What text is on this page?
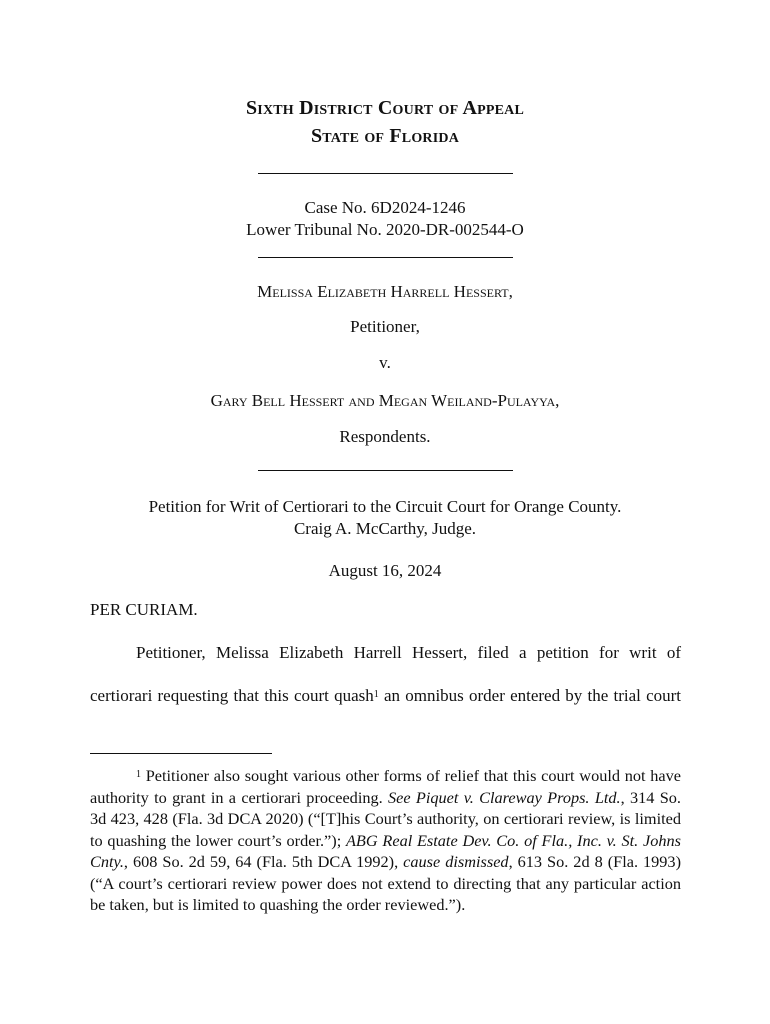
Sixth District Court of Appeal
State of Florida
Case No. 6D2024-1246
Lower Tribunal No. 2020-DR-002544-O
Melissa Elizabeth Harrell Hessert,
Petitioner,
v.
Gary Bell Hessert and Megan Weiland-Pulayya,
Respondents.
Petition for Writ of Certiorari to the Circuit Court for Orange County.
Craig A. McCarthy, Judge.
August 16, 2024
PER CURIAM.
Petitioner, Melissa Elizabeth Harrell Hessert, filed a petition for writ of
certiorari requesting that this court quash$^1$ an omnibus order entered by the trial court
$^1$ Petitioner also sought various other forms of relief that this court would not have authority to grant in a certiorari proceeding. See Piquet v. Clareway Props. Ltd., 314 So. 3d 423, 428 (Fla. 3d DCA 2020) (“[T]his Court’s authority, on certiorari review, is limited to quashing the lower court’s order.”); ABG Real Estate Dev. Co. of Fla., Inc. v. St. Johns Cnty., 608 So. 2d 59, 64 (Fla. 5th DCA 1992), cause dismissed, 613 So. 2d 8 (Fla. 1993) (“A court’s certiorari review power does not extend to directing that any particular action be taken, but is limited to quashing the order reviewed.”).
